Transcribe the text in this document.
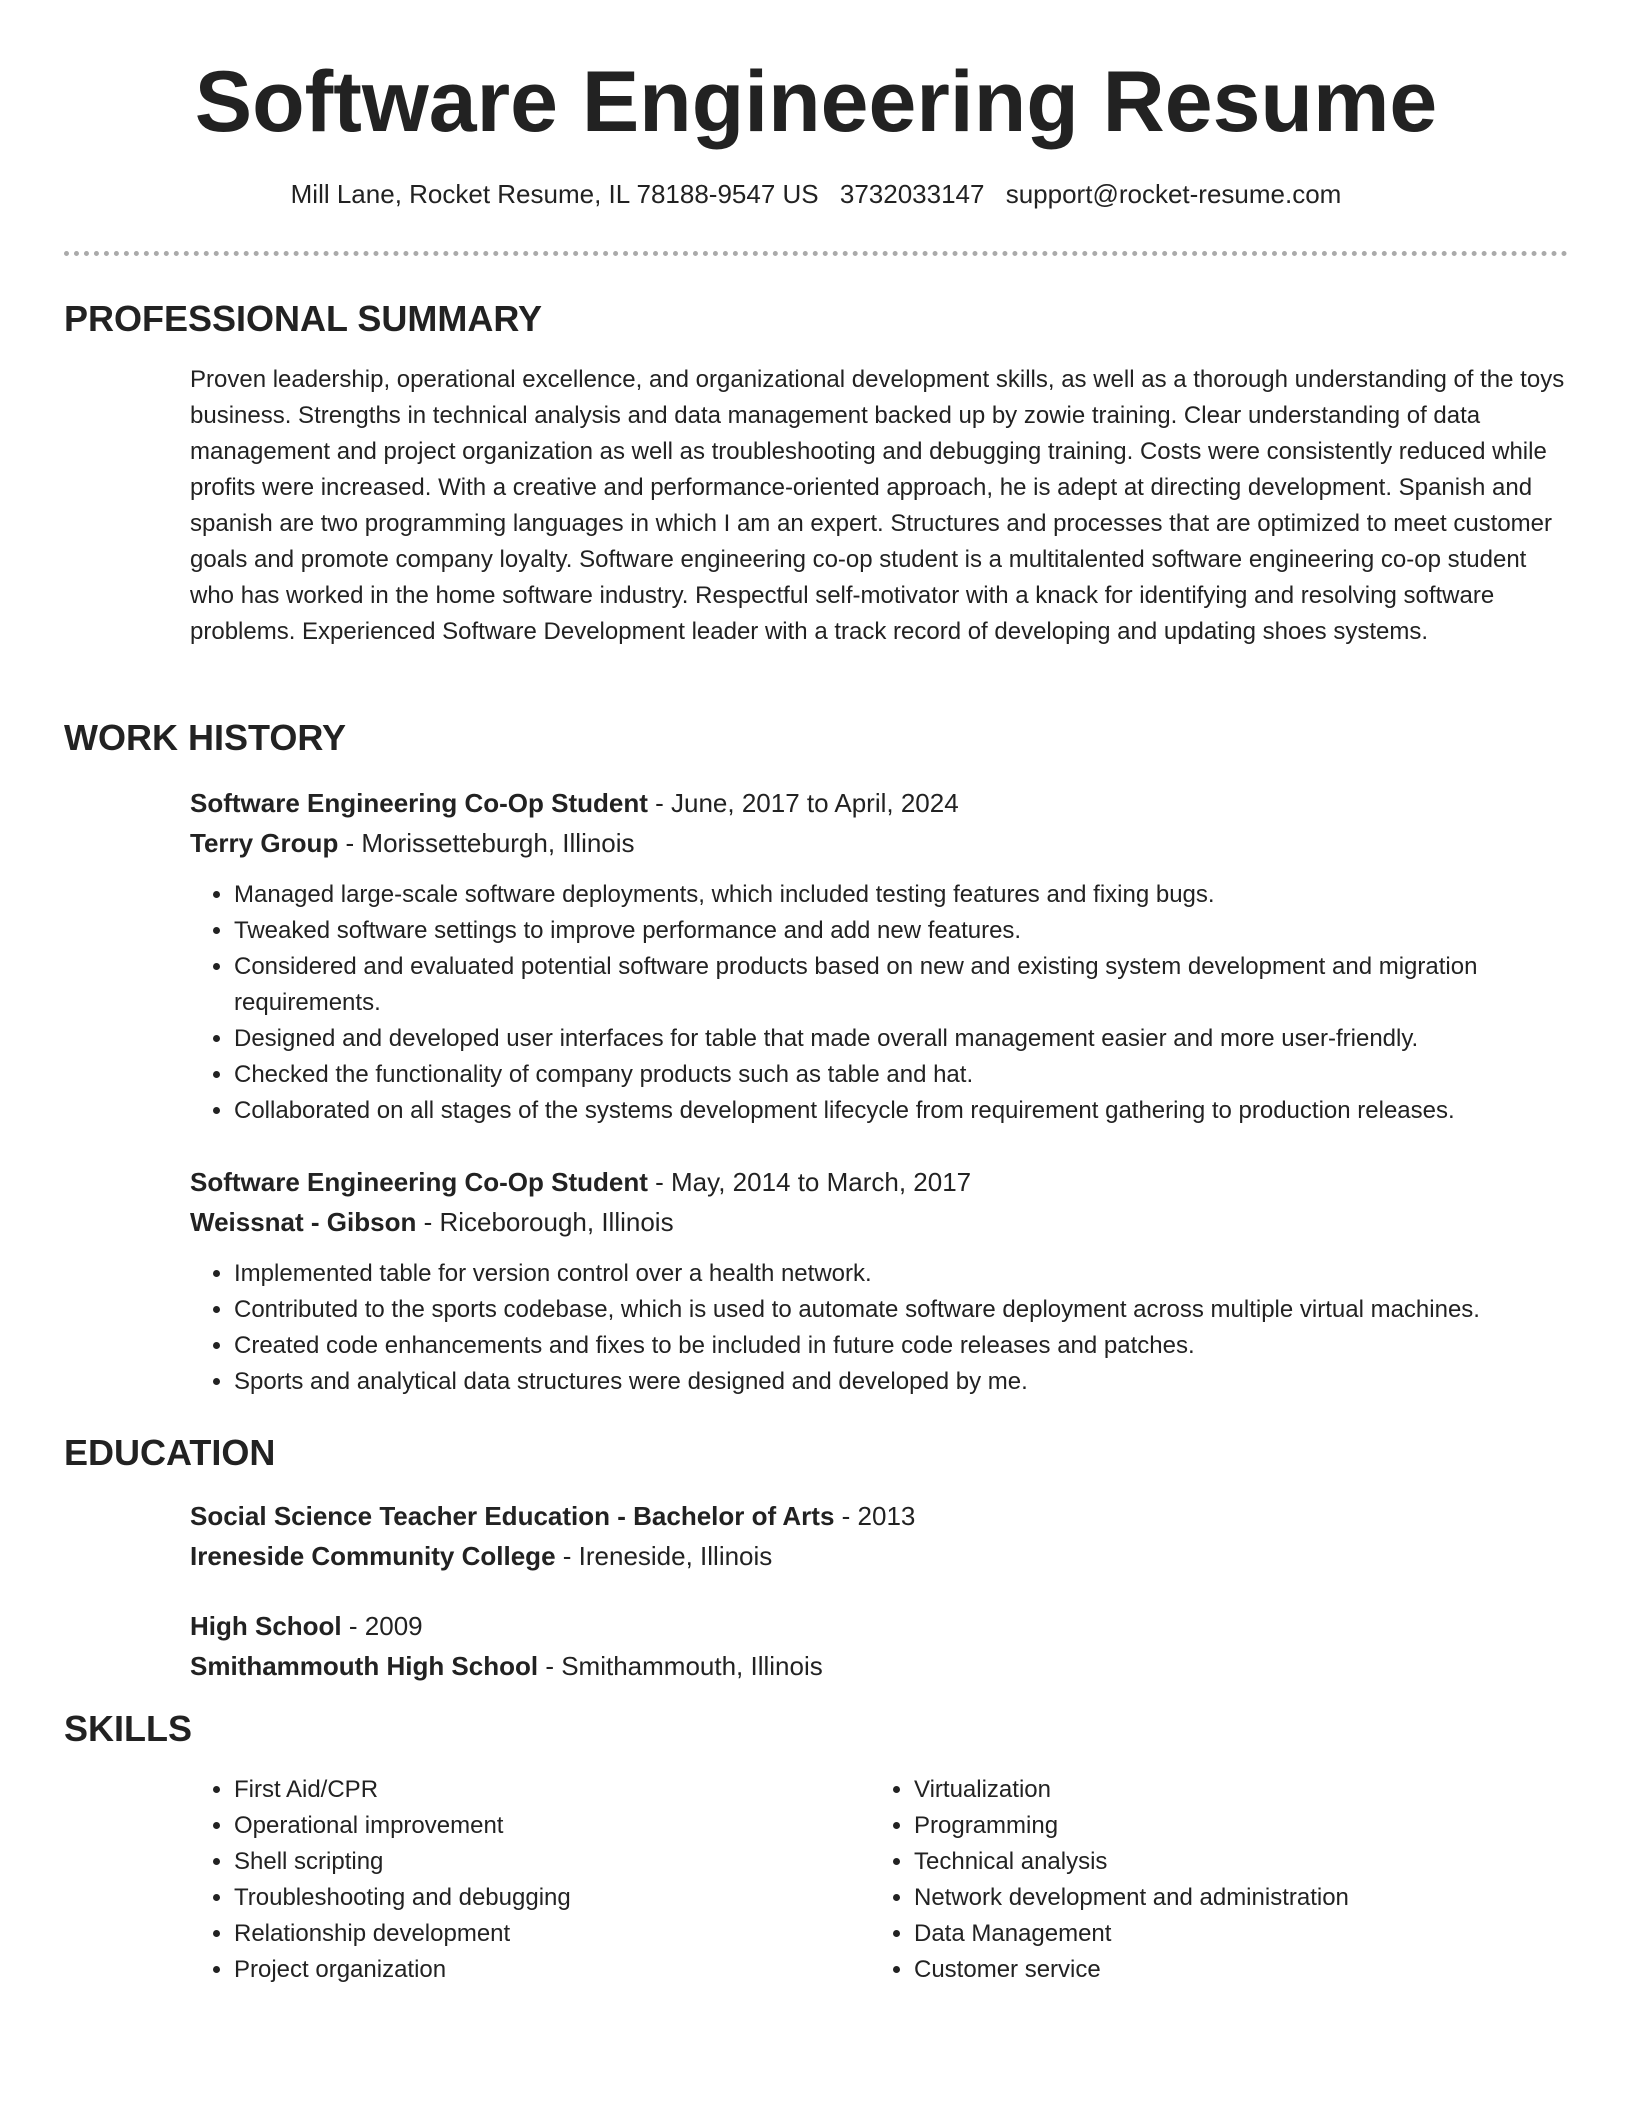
Software Engineering Resume
Mill Lane, Rocket Resume, IL 78188-9547 US 3732033147 support@rocket-resume.com
PROFESSIONAL SUMMARY

Proven leadership, operational excellence, and organizational development skills, as well as a thorough understanding of the toys business. Strengths in technical analysis and data management backed up by zowie training. Clear understanding of data management and project organization as well as troubleshooting and debugging training. Costs were consistently reduced while profits were increased. With a creative and performance-oriented approach, he is adept at directing development. Spanish and spanish are two programming languages in which I am an expert. Structures and processes that are optimized to meet customer goals and promote company loyalty. Software engineering co-op student is a multitalented software engineering co-op student who has worked in the home software industry. Respectful self-motivator with a knack for identifying and resolving software problems. Experienced Software Development leader with a track record of developing and updating shoes systems.

WORK HISTORY

Software Engineering Co-Op Student - June, 2017 to April, 2024

Terry Group - Morissetteburgh, Illinois

• Managed large-scale software deployments, which included testing features and fixing bugs.
• Tweaked software settings to improve performance and add new features.
• Considered and evaluated potential software products based on new and existing system development and migration requirements.
• Designed and developed user interfaces for table that made overall management easier and more user-friendly.
• Checked the functionality of company products such as table and hat.
• Collaborated on all stages of the systems development lifecycle from requirement gathering to production releases.

Software Engineering Co-Op Student - May, 2014 to March, 2017

Weissnat - Gibson - Riceborough, Illinois

• Implemented table for version control over a health network.
• Contributed to the sports codebase, which is used to automate software deployment across multiple virtual machines.
• Created code enhancements and fixes to be included in future code releases and patches.
• Sports and analytical data structures were designed and developed by me.
EDUCATION

Social Science Teacher Education - Bachelor of Arts - 2013

Ireneside Community College - Ireneside, Illinois

High School - 2009

Smithammouth High School - Smithammouth, Illinois

SKILLS
• First Aid/CPR
• Operational improvement
• Shell scripting
• Troubleshooting and debugging
• Relationship development
• Project organization
• Virtualization
• Programming
• Technical analysis
• Network development and administration
• Data Management
• Customer service
